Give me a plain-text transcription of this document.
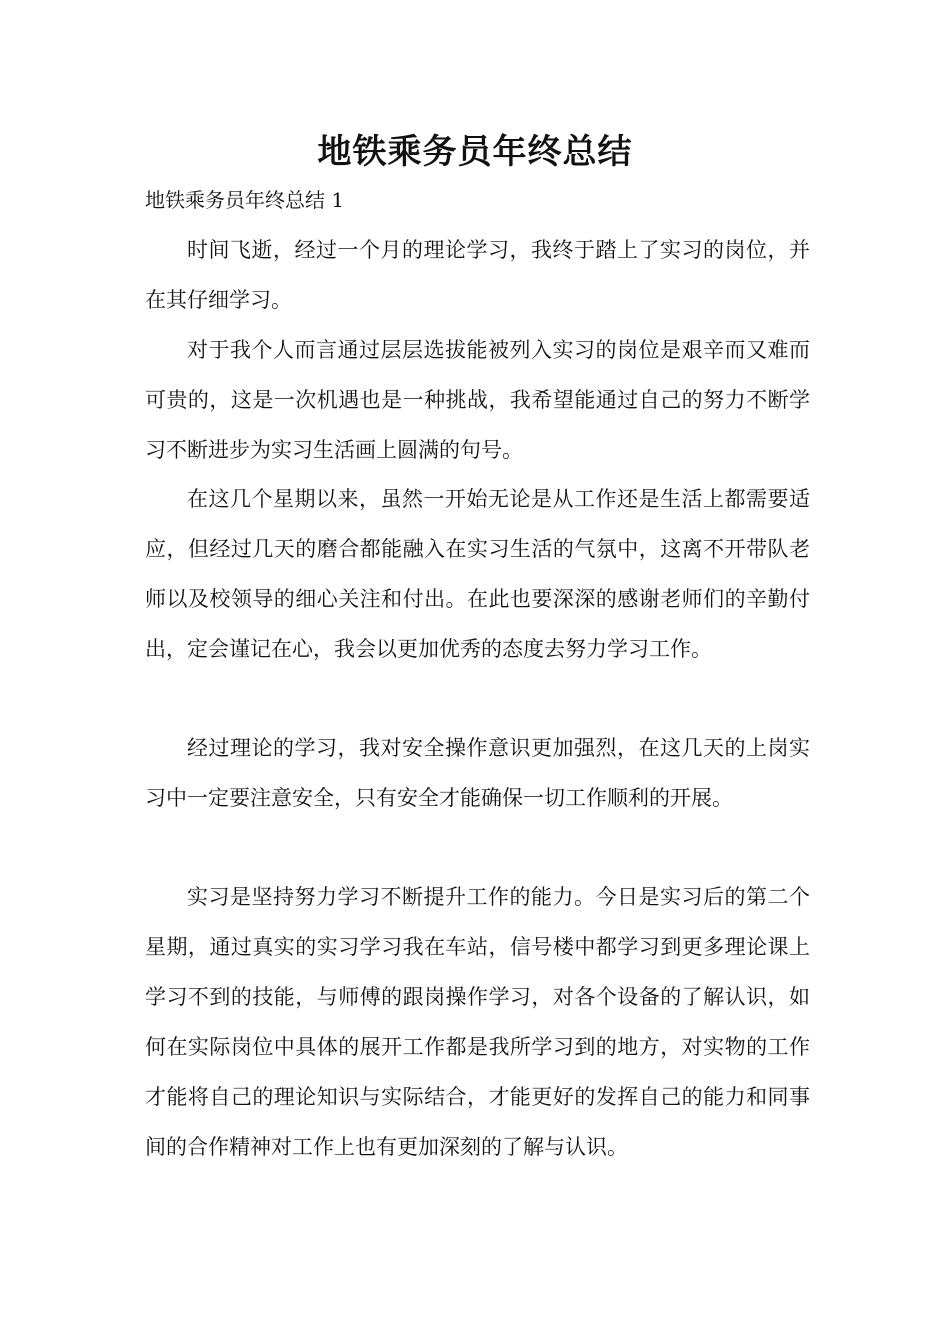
地铁乘务员年终总结
地铁乘务员年终总结 1

时间飞逝，经过一个月的理论学习，我终于踏上了实习的岗位，并在其仔细学习。

对于我个人而言通过层层选拔能被列入实习的岗位是艰辛而又难而可贵的，这是一次机遇也是一种挑战，我希望能通过自己的努力不断学习不断进步为实习生活画上圆满的句号。

在这几个星期以来，虽然一开始无论是从工作还是生活上都需要适应，但经过几天的磨合都能融入在实习生活的气氛中，这离不开带队老师以及校领导的细心关注和付出。在此也要深深的感谢老师们的辛勤付出，定会谨记在心，我会以更加优秀的态度去努力学习工作。

经过理论的学习，我对安全操作意识更加强烈，在这几天的上岗实习中一定要注意安全，只有安全才能确保一切工作顺利的开展。

实习是坚持努力学习不断提升工作的能力。今日是实习后的第二个星期，通过真实的实习学习我在车站，信号楼中都学习到更多理论课上学习不到的技能，与师傅的跟岗操作学习，对各个设备的了解认识，如何在实际岗位中具体的展开工作都是我所学习到的地方，对实物的工作才能将自己的理论知识与实际结合，才能更好的发挥自己的能力和同事间的合作精神对工作上也有更加深刻的了解与认识。
